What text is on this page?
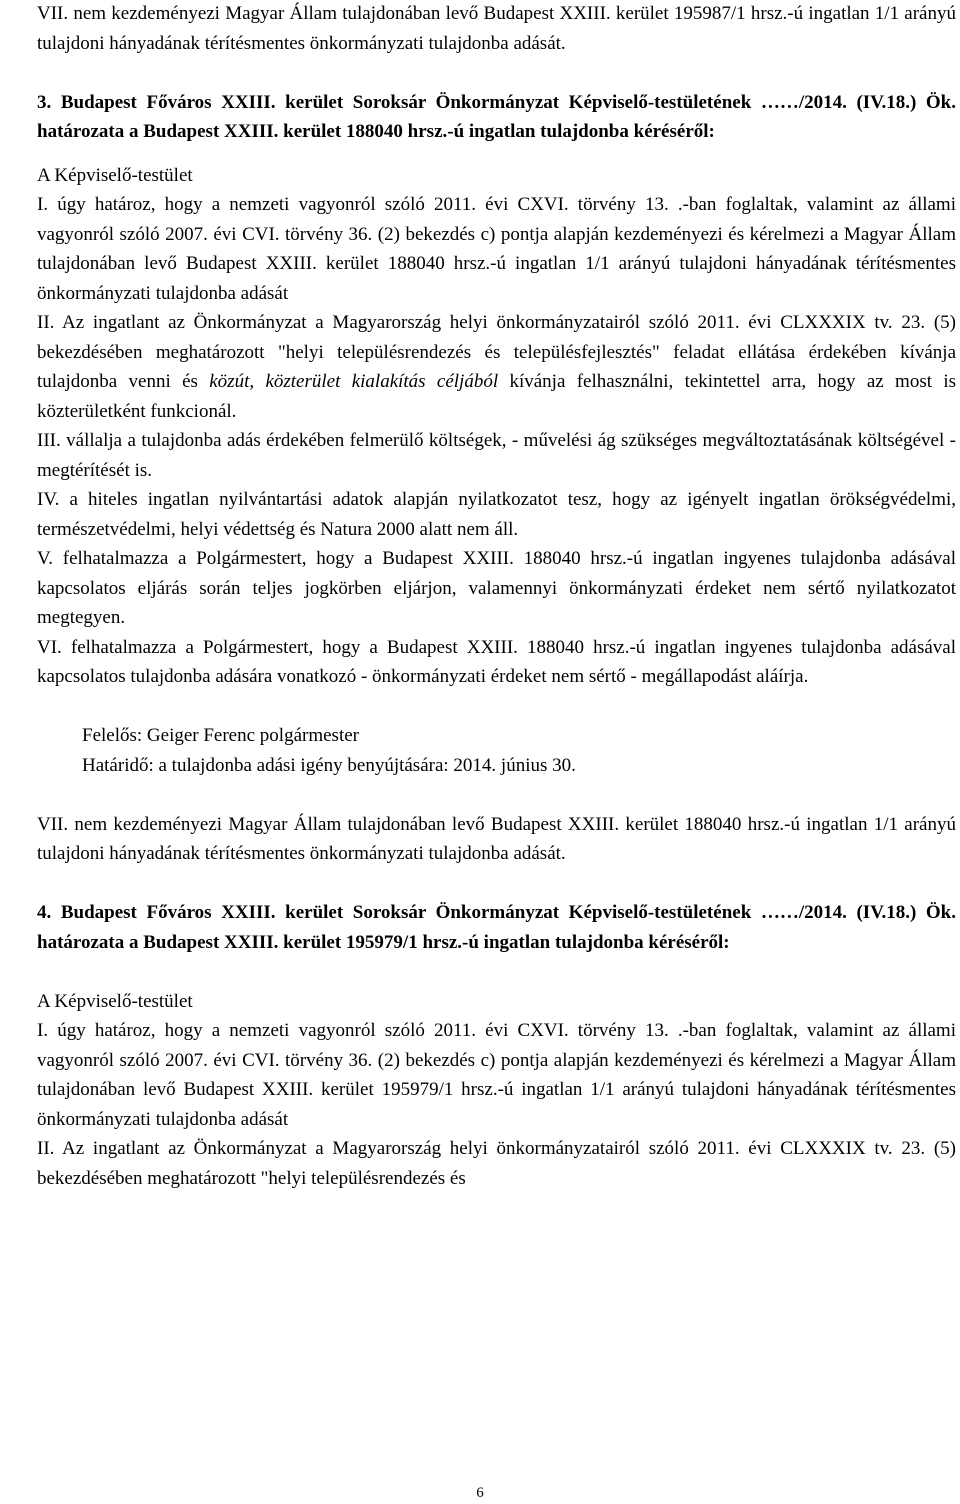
VII. nem kezdeményezi Magyar Állam tulajdonában levő Budapest XXIII. kerület 195987/1 hrsz.-ú ingatlan 1/1 arányú tulajdoni hányadának térítésmentes önkormányzati tulajdonba adását.

3. Budapest Főváros XXIII. kerület Soroksár Önkormányzat Képviselő-testületének ……/2014. (IV.18.) Ök. határozata a Budapest XXIII. kerület 188040 hrsz.-ú ingatlan tulajdonba kéréséről:

A Képviselő-testület

I. úgy határoz, hogy a nemzeti vagyonról szóló 2011. évi CXVI. törvény 13. .-ban foglaltak, valamint az állami vagyonról szóló 2007. évi CVI. törvény 36. (2) bekezdés c) pontja alapján kezdeményezi és kérelmezi a Magyar Állam tulajdonában levő Budapest XXIII. kerület 188040 hrsz.-ú ingatlan 1/1 arányú tulajdoni hányadának térítésmentes önkormányzati tulajdonba adását

II. Az ingatlant az Önkormányzat a Magyarország helyi önkormányzatairól szóló 2011. évi CLXXXIX tv. 23. (5) bekezdésében meghatározott "helyi településrendezés és településfejlesztés" feladat ellátása érdekében kívánja tulajdonba venni és közút, közterület kialakítás céljából kívánja felhasználni, tekintettel arra, hogy az most is közterületként funkcionál.

III. vállalja a tulajdonba adás érdekében felmerülő költségek, - művelési ág szükséges megváltoztatásának költségével - megtérítését is.

IV. a hiteles ingatlan nyilvántartási adatok alapján nyilatkozatot tesz, hogy az igényelt ingatlan örökségvédelmi, természetvédelmi, helyi védettség és Natura 2000 alatt nem áll.

V. felhatalmazza a Polgármestert, hogy a Budapest XXIII. 188040 hrsz.-ú ingatlan ingyenes tulajdonba adásával kapcsolatos eljárás során teljes jogkörben eljárjon, valamennyi önkormányzati érdeket nem sértő nyilatkozatot megtegyen.

VI. felhatalmazza a Polgármestert, hogy a Budapest XXIII. 188040 hrsz.-ú ingatlan ingyenes tulajdonba adásával kapcsolatos tulajdonba adására vonatkozó - önkormányzati érdeket nem sértő - megállapodást aláírja.

Felelős: Geiger Ferenc polgármester

Határidő: a tulajdonba adási igény benyújtására: 2014. június 30.

VII. nem kezdeményezi Magyar Állam tulajdonában levő Budapest XXIII. kerület 188040 hrsz.-ú ingatlan 1/1 arányú tulajdoni hányadának térítésmentes önkormányzati tulajdonba adását.

4. Budapest Főváros XXIII. kerület Soroksár Önkormányzat Képviselő-testületének ……/2014. (IV.18.) Ök. határozata a Budapest XXIII. kerület 195979/1 hrsz.-ú ingatlan tulajdonba kéréséről:

A Képviselő-testület

I. úgy határoz, hogy a nemzeti vagyonról szóló 2011. évi CXVI. törvény 13. .-ban foglaltak, valamint az állami vagyonról szóló 2007. évi CVI. törvény 36. (2) bekezdés c) pontja alapján kezdeményezi és kérelmezi a Magyar Állam tulajdonában levő Budapest XXIII. kerület 195979/1 hrsz.-ú ingatlan 1/1 arányú tulajdoni hányadának térítésmentes önkormányzati tulajdonba adását

II. Az ingatlant az Önkormányzat a Magyarország helyi önkormányzatairól szóló 2011. évi CLXXXIX tv. 23. (5) bekezdésében meghatározott "helyi településrendezés és

6
